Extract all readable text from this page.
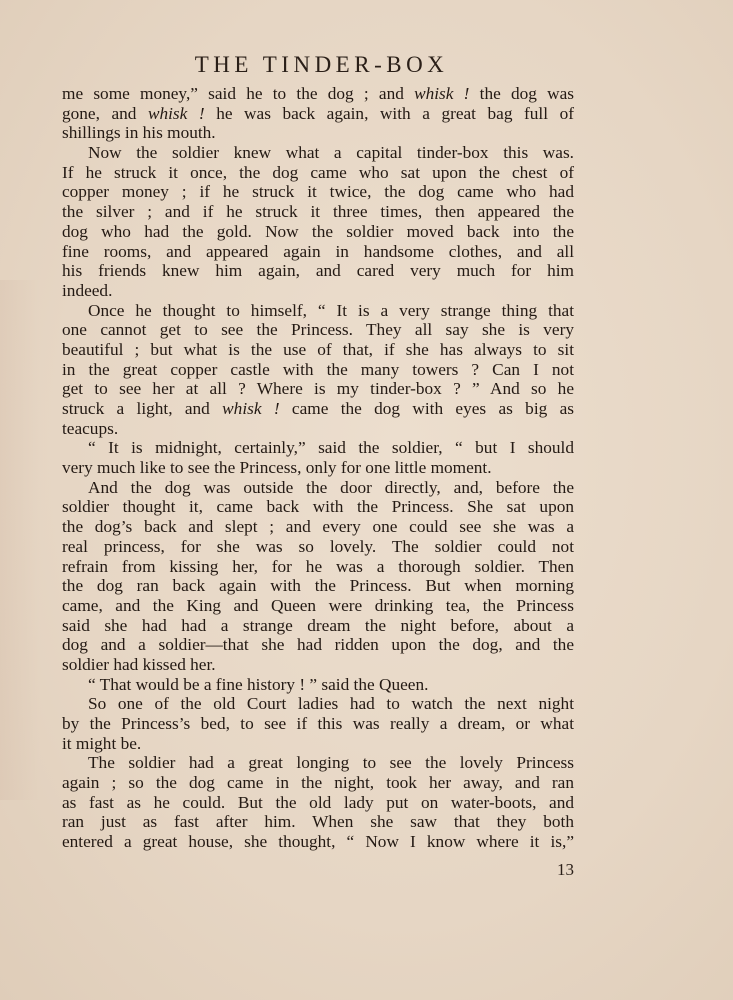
THE TINDER-BOX
me some money,” said he to the dog ; and whisk ! the dog was
gone, and whisk ! he was back again, with a great bag full of
shillings in his mouth.
Now the soldier knew what a capital tinder-box this was.
If he struck it once, the dog came who sat upon the chest of
copper money ; if he struck it twice, the dog came who had
the silver ; and if he struck it three times, then appeared the
dog who had the gold. Now the soldier moved back into the
fine rooms, and appeared again in handsome clothes, and all
his friends knew him again, and cared very much for him
indeed.
Once he thought to himself, “ It is a very strange thing that
one cannot get to see the Princess. They all say she is very
beautiful ; but what is the use of that, if she has always to sit
in the great copper castle with the many towers ? Can I not
get to see her at all ? Where is my tinder-box ? ” And so he
struck a light, and whisk ! came the dog with eyes as big as
teacups.
“ It is midnight, certainly,” said the soldier, “ but I should
very much like to see the Princess, only for one little moment.
And the dog was outside the door directly, and, before the
soldier thought it, came back with the Princess. She sat upon
the dog’s back and slept ; and every one could see she was a
real princess, for she was so lovely. The soldier could not
refrain from kissing her, for he was a thorough soldier. Then
the dog ran back again with the Princess. But when morning
came, and the King and Queen were drinking tea, the Princess
said she had had a strange dream the night before, about a
dog and a soldier—that she had ridden upon the dog, and the
soldier had kissed her.
“ That would be a fine history ! ” said the Queen.
So one of the old Court ladies had to watch the next night
by the Princess’s bed, to see if this was really a dream, or what
it might be.
The soldier had a great longing to see the lovely Princess
again ; so the dog came in the night, took her away, and ran
as fast as he could. But the old lady put on water-boots, and
ran just as fast after him. When she saw that they both
entered a great house, she thought, “ Now I know where it is,”
13
